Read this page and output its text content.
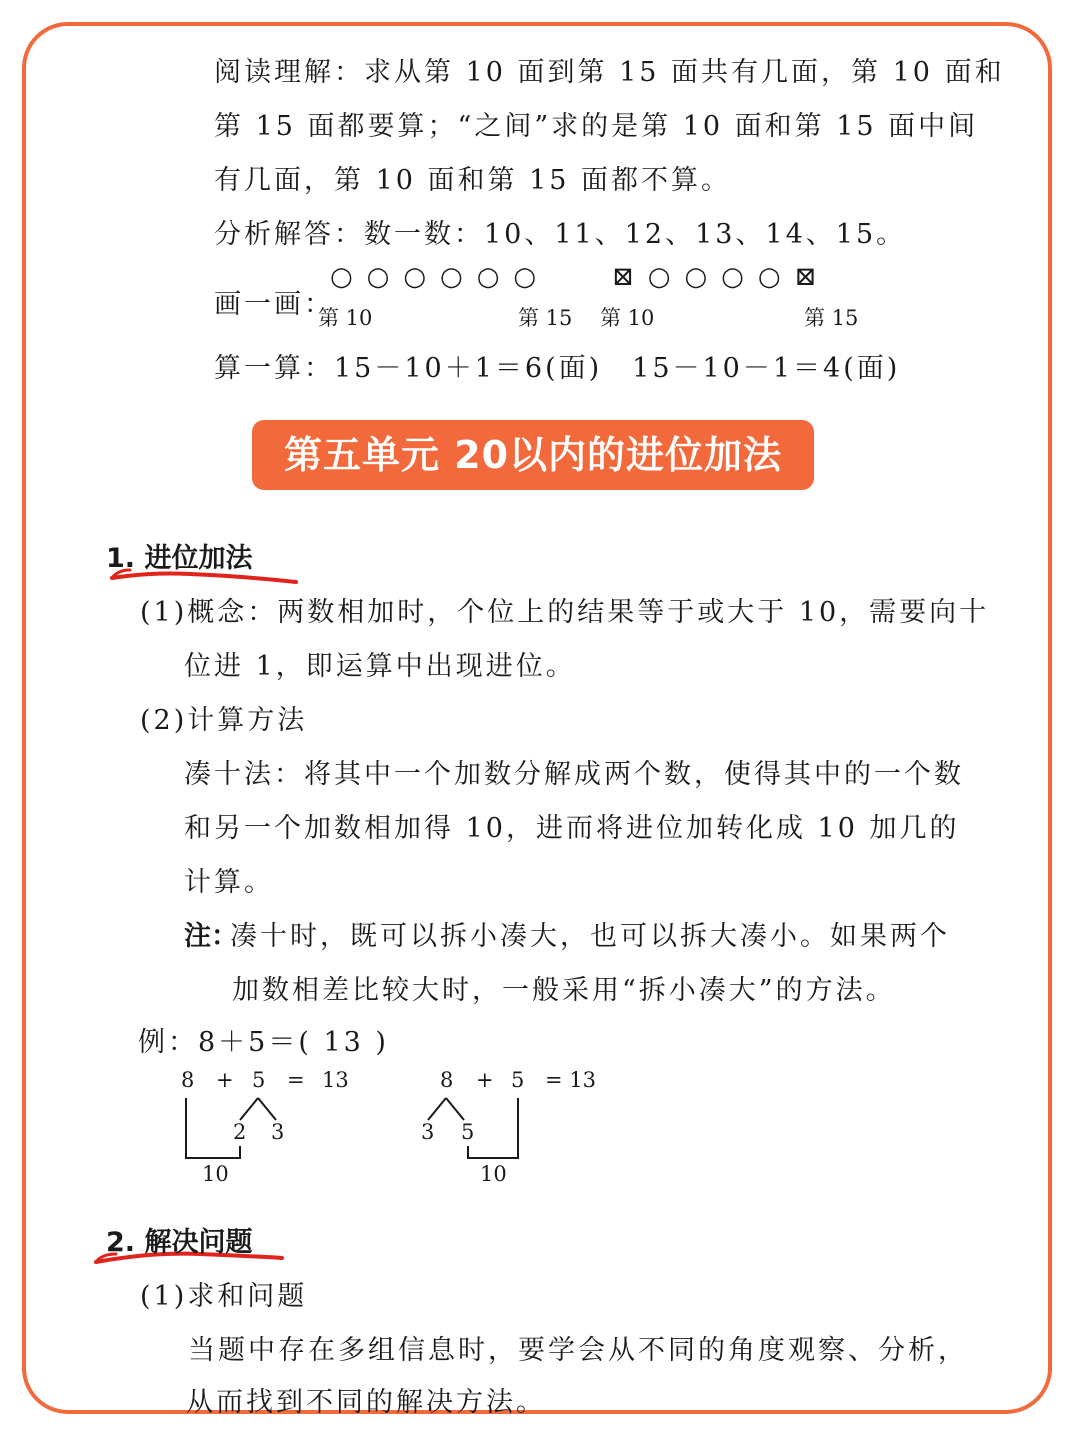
阅读理解：求从第 10 面到第 15 面共有几面，第 10 面和
第 15 面都要算；“之间”求的是第 10 面和第 15 面中间
有几面，第 10 面和第 15 面都不算。
分析解答：数一数：10、11、12、13、14、15。
画一画：
○○○○○○ ⊠○○○○⊠
第 10	第 15 第 10	第 15
算一算：15－10＋1＝6(面)　15－10－1＝4(面)
第五单元 20以内的进位加法
1. 进位加法
(1)概念：两数相加时，个位上的结果等于或大于 10，需要向十
位进 1，即运算中出现进位。
(2)计算方法
凑十法：将其中一个加数分解成两个数，使得其中的一个数
和另一个加数相加得 10，进而将进位加转化成 10 加几的
计算。
注：
凑十时，既可以拆小凑大，也可以拆大凑小。如果两个
加数相差比较大时，一般采用“拆小凑大”的方法。
例：8＋5＝( 13 )
8 + 5 = 13
2 3
10
8 + 5 = 13
3 5
10
2. 解决问题
(1)求和问题
当题中存在多组信息时，要学会从不同的角度观察、分析，
从而找到不同的解决方法。
